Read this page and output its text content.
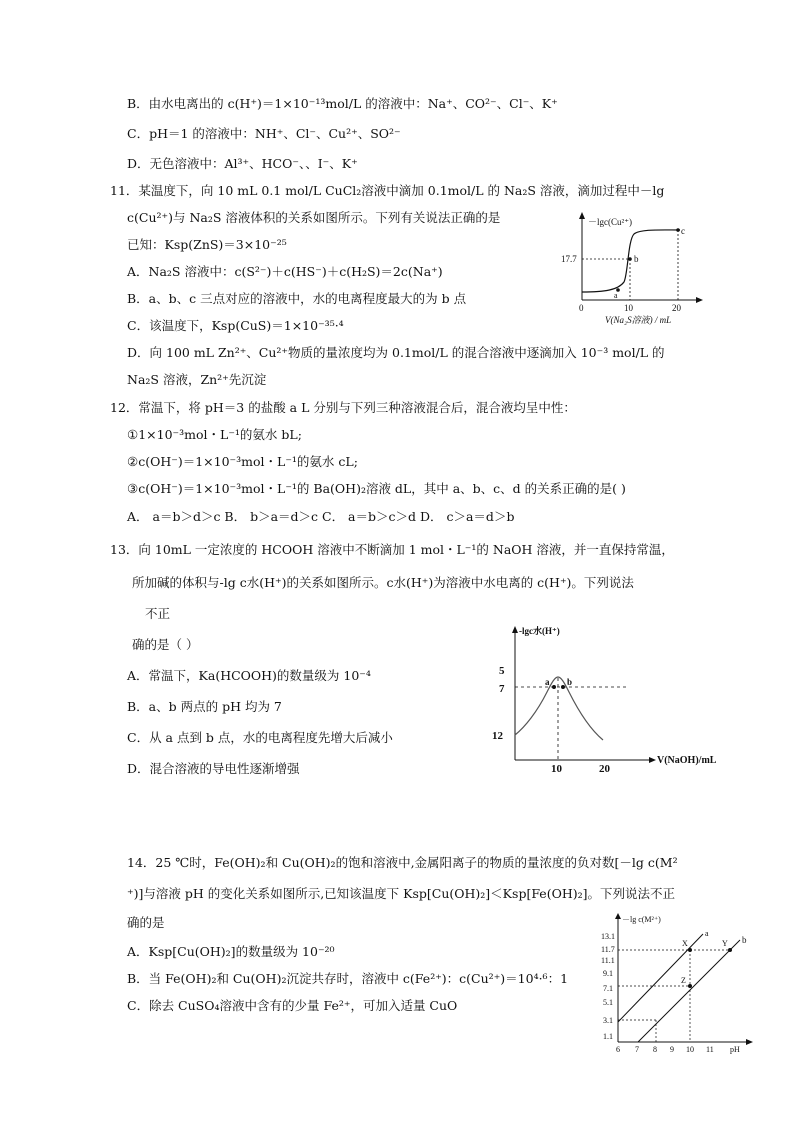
B．由水电离出的 c(H⁺)＝1×10⁻¹³mol/L 的溶液中：Na⁺、CO²⁻、Cl⁻、K⁺
C．pH＝1 的溶液中：NH⁺、Cl⁻、Cu²⁺、SO²⁻
D．无色溶液中：Al³⁺、HCO⁻、、I⁻、K⁺
11．某温度下，向 10 mL 0.1 mol/L CuCl₂溶液中滴加 0.1mol/L 的 Na₂S 溶液，滴加过程中－lg
c(Cu²⁺)与 Na₂S 溶液体积的关系如图所示。下列有关说法正确的是
已知：Ksp(ZnS)＝3×10⁻²⁵
A．Na₂S 溶液中：c(S²⁻)＋c(HS⁻)＋c(H₂S)＝2c(Na⁺)
B．a、b、c 三点对应的溶液中，水的电离程度最大的为 b 点
C．该温度下，Ksp(CuS)＝1×10⁻³⁵·⁴
D．向 100 mL Zn²⁺、Cu²⁺物质的量浓度均为 0.1mol/L 的混合溶液中逐滴加入 10⁻³ mol/L 的
Na₂S 溶液，Zn²⁺先沉淀
12．常温下，将 pH＝3 的盐酸 a L 分别与下列三种溶液混合后，混合液均呈中性：
①1×10⁻³mol・L⁻¹的氨水 bL;
②c(OH⁻)＝1×10⁻³mol・L⁻¹的氨水 cL;
③c(OH⁻)＝1×10⁻³mol・L⁻¹的 Ba(OH)₂溶液 dL，其中 a、b、c、d 的关系正确的是( )
A． a＝b＞d＞c B． b＞a＝d＞c C． a＝b＞c＞d D． c＞a＝d＞b
13．向 10mL 一定浓度的 HCOOH 溶液中不断滴加 1 mol・L⁻¹的 NaOH 溶液，并一直保持常温，
所加碱的体积与-lg c水(H⁺)的关系如图所示。c水(H⁺)为溶液中水电离的 c(H⁺)。下列说法
不正
确的是（ ）
A．常温下，Ka(HCOOH)的数量级为 10⁻⁴
B．a、b 两点的 pH 均为 7
C．从 a 点到 b 点，水的电离程度先增大后减小
D．混合溶液的导电性逐渐增强
14．25 ℃时，Fe(OH)₂和 Cu(OH)₂的饱和溶液中,金属阳离子的物质的量浓度的负对数[－lg c(M²
⁺)]与溶液 pH 的变化关系如图所示,已知该温度下 Ksp[Cu(OH)₂]＜Ksp[Fe(OH)₂]。下列说法不正
确的是
A．Ksp[Cu(OH)₂]的数量级为 10⁻²⁰
B．当 Fe(OH)₂和 Cu(OH)₂沉淀共存时，溶液中 c(Fe²⁺)：c(Cu²⁺)＝10⁴·⁶：1
C．除去 CuSO₄溶液中含有的少量 Fe²⁺，可加入适量 CuO
－lgc(Cu²⁺)
17.7
a
b
c
0	10	20
V(Na₂S溶液) / mL
-lgc水(H⁺)
5
7
12
a b
10	20
V(NaOH)/mL
－lg c(M²⁺)
13.1
11.7
11.1
9.1
7.1
5.1
3.1
1.1
a
b
X	Y
Z
6 7 8 9 10 11 pH
